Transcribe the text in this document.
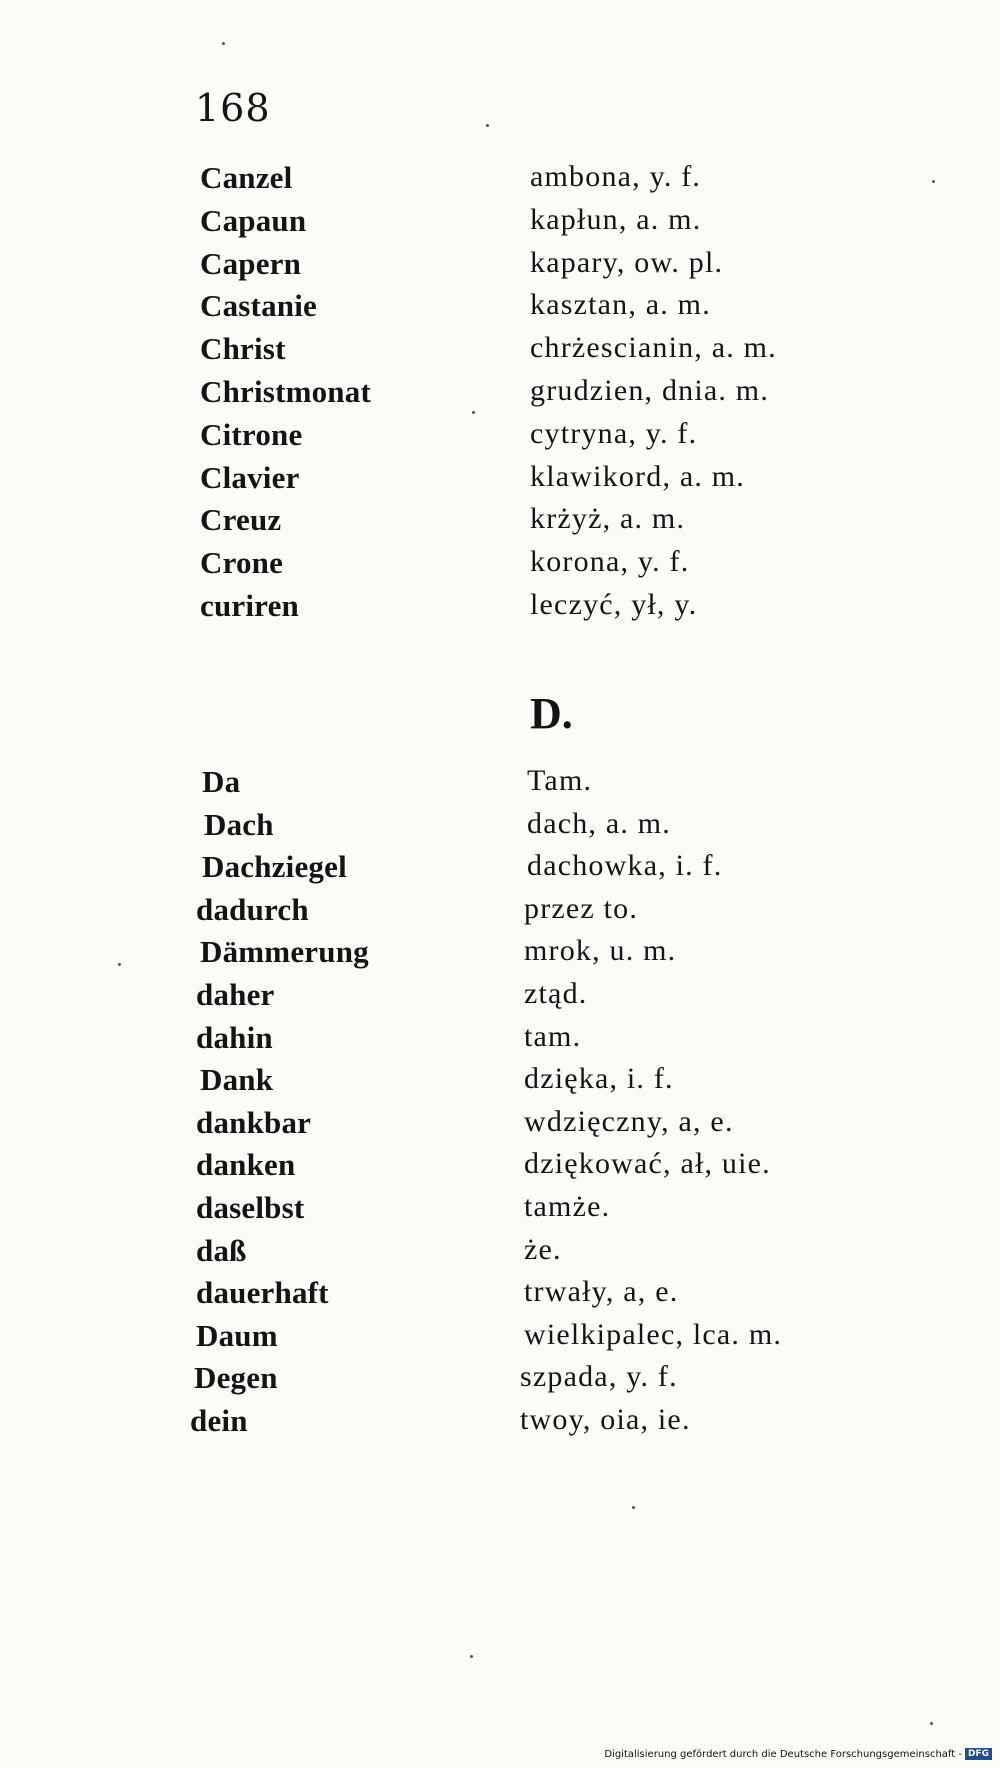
168
Canzel	ambona, y. f.
Capaun	kapłun, a. m.
Capern	kapary, ow. pl.
Castanie	kasztan, a. m.
Christ	chrżescianin, a. m.
Christmonat	grudzien, dnia. m.
Citrone	cytryna, y. f.
Clavier	klawikord, a. m.
Creuz	krżyż, a. m.
Crone	korona, y. f.
curiren	leczyć, ył, y.
D.
Da	Tam.
Dach	dach, a. m.
Dachziegel	dachowka, i. f.
dadurch	przez to.
Dämmerung	mrok, u. m.
daher	ztąd.
dahin	tam.
Dank	dzięka, i. f.
dankbar	wdzięczny, a, e.
danken	dziękować, ał, uie.
daselbst	tamże.
daß	że.
dauerhaft	trwały, a, e.
Daum	wielkipalec, lca. m.
Degen	szpada, y. f.
dein	twoy, oia, ie.
Digitalisierung gefördert durch die Deutsche Forschungsgemeinschaft - DFG
